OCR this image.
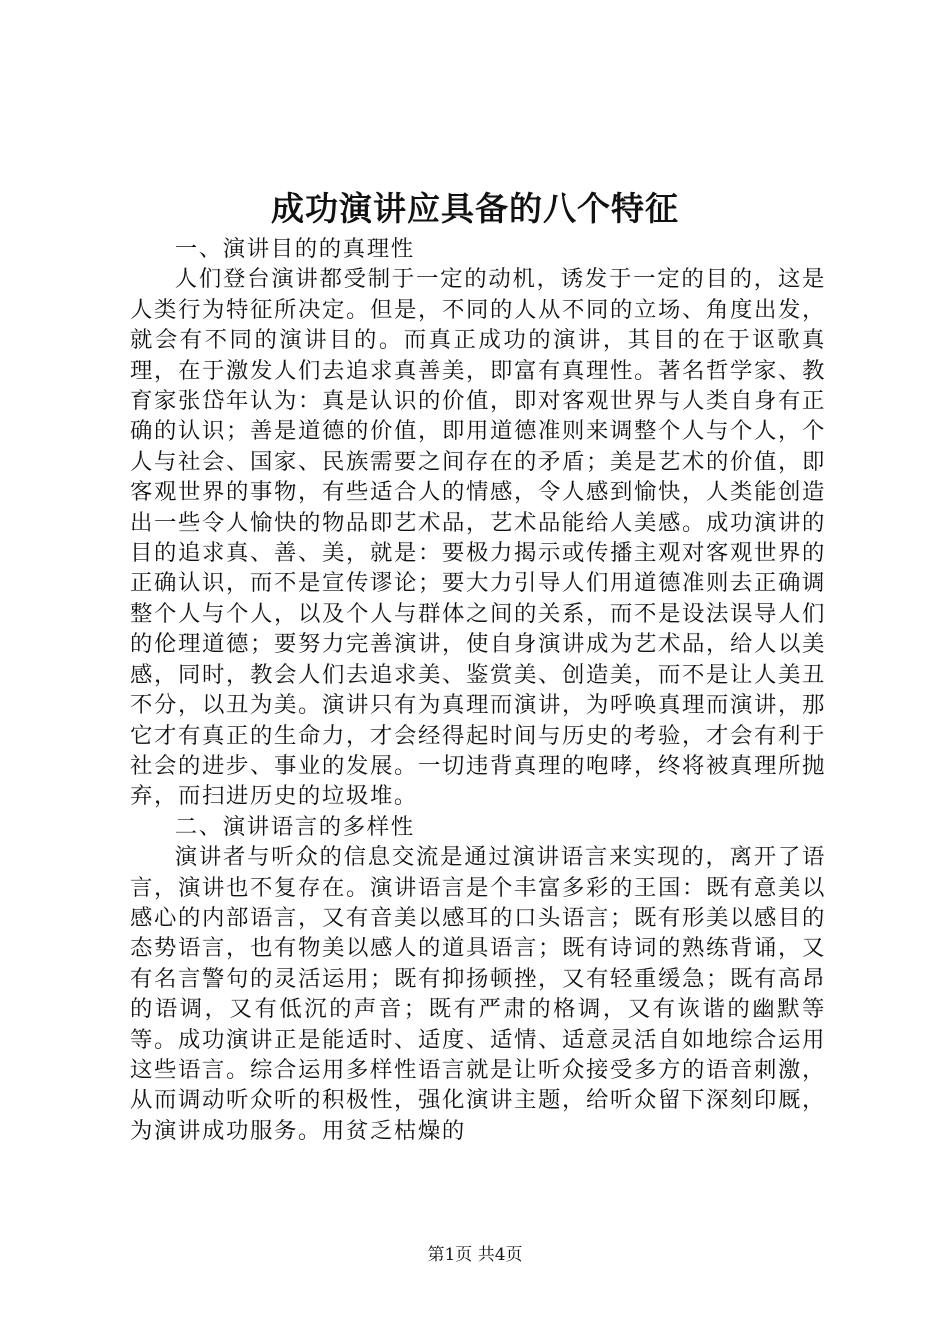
成功演讲应具备的八个特征
一、演讲目的的真理性

人们登台演讲都受制于一定的动机，诱发于一定的目的，这是人类行为特征所决定。但是，不同的人从不同的立场、角度出发，就会有不同的演讲目的。而真正成功的演讲，其目的在于讴歌真理，在于激发人们去追求真善美，即富有真理性。著名哲学家、教育家张岱年认为：真是认识的价值，即对客观世界与人类自身有正确的认识；善是道德的价值，即用道德准则来调整个人与个人，个人与社会、国家、民族需要之间存在的矛盾；美是艺术的价值，即客观世界的事物，有些适合人的情感，令人感到愉快，人类能创造出一些令人愉快的物品即艺术品，艺术品能给人美感。成功演讲的目的追求真、善、美，就是：要极力揭示或传播主观对客观世界的正确认识，而不是宣传谬论；要大力引导人们用道德准则去正确调整个人与个人，以及个人与群体之间的关系，而不是设法误导人们的伦理道德；要努力完善演讲，使自身演讲成为艺术品，给人以美感，同时，教会人们去追求美、鉴赏美、创造美，而不是让人美丑不分，以丑为美。演讲只有为真理而演讲，为呼唤真理而演讲，那它才有真正的生命力，才会经得起时间与历史的考验，才会有利于社会的进步、事业的发展。一切违背真理的咆哮，终将被真理所抛弃，而扫进历史的垃圾堆。

二、演讲语言的多样性

演讲者与听众的信息交流是通过演讲语言来实现的，离开了语言，演讲也不复存在。演讲语言是个丰富多彩的王国：既有意美以感心的内部语言，又有音美以感耳的口头语言；既有形美以感目的态势语言，也有物美以感人的道具语言；既有诗词的熟练背诵，又有名言警句的灵活运用；既有抑扬顿挫，又有轻重缓急；既有高昂的语调，又有低沉的声音；既有严肃的格调，又有诙谐的幽默等等。成功演讲正是能适时、适度、适情、适意灵活自如地综合运用这些语言。综合运用多样性语言就是让听众接受多方的语音刺激，从而调动听众听的积极性，强化演讲主题，给听众留下深刻印厩，为演讲成功服务。用贫乏枯燥的

第1页 共4页
